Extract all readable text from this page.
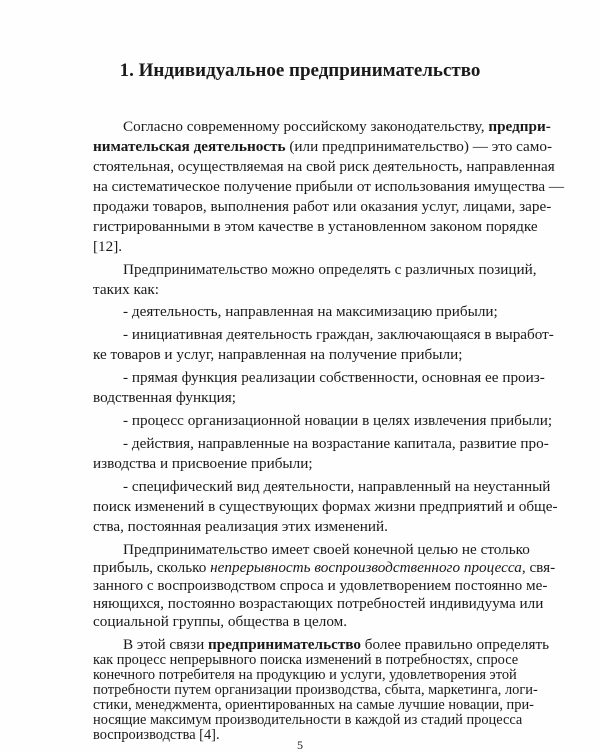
1. Индивидуальное предпринимательство
Согласно современному российскому законодательству, предпри-
нимательская деятельность (или предпринимательство) — это само-
стоятельная, осуществляемая на свой риск деятельность, направленная
на систематическое получение прибыли от использования имущества —
продажи товаров, выполнения работ или оказания услуг, лицами, заре-
гистрированными в этом качестве в установленном законом порядке
[12].
Предпринимательство можно определять с различных позиций,
таких как:
- деятельность, направленная на максимизацию прибыли;
- инициативная деятельность граждан, заключающаяся в выработ-
ке товаров и услуг, направленная на получение прибыли;
- прямая функция реализации собственности, основная ее произ-
водственная функция;
- процесс организационной новации в целях извлечения прибыли;
- действия, направленные на возрастание капитала, развитие про-
изводства и присвоение прибыли;
- специфический вид деятельности, направленный на неустанный
поиск изменений в существующих формах жизни предприятий и обще-
ства, постоянная реализация этих изменений.
Предпринимательство имеет своей конечной целью не столько
прибыль, сколько непрерывность воспроизводственного процесса, свя-
занного с воспроизводством спроса и удовлетворением постоянно ме-
няющихся, постоянно возрастающих потребностей индивидуума или
социальной группы, общества в целом.
В этой связи предпринимательство более правильно определять
как процесс непрерывного поиска изменений в потребностях, спросе
конечного потребителя на продукцию и услуги, удовлетворения этой
5
потребности путем организации производства, сбыта, маркетинга, логи-
стики, менеджмента, ориентированных на самые лучшие новации, при-
носящие максимум производительности в каждой из стадий процесса
воспроизводства [4].
